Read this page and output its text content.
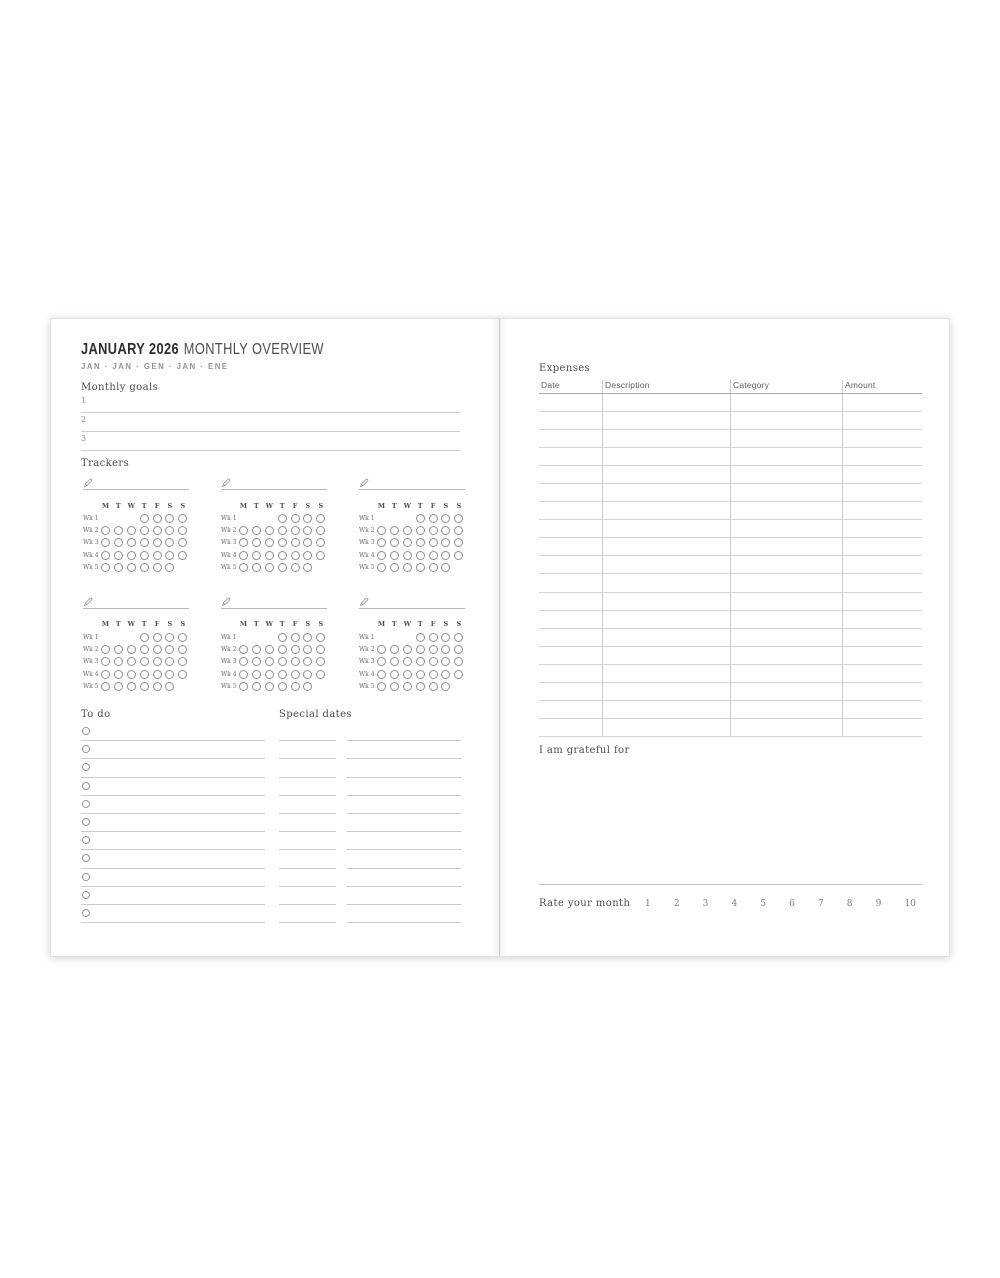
JANUARY 2026 MONTHLY OVERVIEW
JAN · JAN · GEN · JAN · ENE
Monthly goals
1
2
3
Trackers
M	T	W	T	F	S	S
Wk 1
Wk 2
Wk 3
Wk 4
Wk 5
M	T	W	T	F	S	S
Wk 1
Wk 2
Wk 3
Wk 4
Wk 5
M	T	W	T	F	S	S
Wk 1
Wk 2
Wk 3
Wk 4
Wk 5
M	T	W	T	F	S	S
Wk 1
Wk 2
Wk 3
Wk 4
Wk 5
M	T	W	T	F	S	S
Wk 1
Wk 2
Wk 3
Wk 4
Wk 5
M	T	W	T	F	S	S
Wk 1
Wk 2
Wk 3
Wk 4
Wk 5
To do	Special dates
Expenses
Date	Description	Category	Amount
I am grateful for
Rate your month	1	2	3	4	5	6	7	8	9	10
